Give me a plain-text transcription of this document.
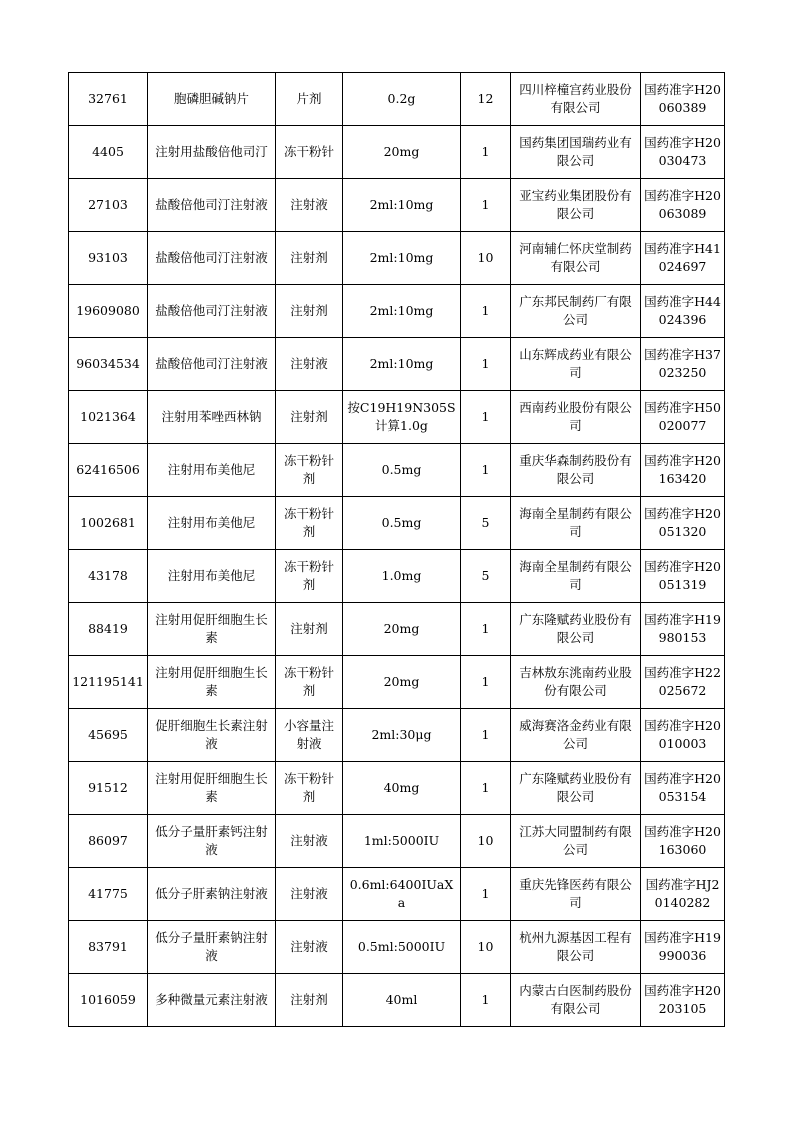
32761	胞磷胆碱钠片	片剂	0.2g	12	四川梓橦宫药业股份有限公司	国药准字H20060389
4405	注射用盐酸倍他司汀	冻干粉针	20mg	1	国药集团国瑞药业有限公司	国药准字H20030473
27103	盐酸倍他司汀注射液	注射液	2ml:10mg	1	亚宝药业集团股份有限公司	国药准字H20063089
93103	盐酸倍他司汀注射液	注射剂	2ml:10mg	10	河南辅仁怀庆堂制药有限公司	国药准字H41024697
19609080	盐酸倍他司汀注射液	注射剂	2ml:10mg	1	广东邦民制药厂有限公司	国药准字H44024396
96034534	盐酸倍他司汀注射液	注射液	2ml:10mg	1	山东辉成药业有限公司	国药准字H37023250
1021364	注射用苯唑西林钠	注射剂	按C19H19N305S计算1.0g	1	西南药业股份有限公司	国药准字H50020077
62416506	注射用布美他尼	冻干粉针剂	0.5mg	1	重庆华森制药股份有限公司	国药准字H20163420
1002681	注射用布美他尼	冻干粉针剂	0.5mg	5	海南全星制药有限公司	国药准字H20051320
43178	注射用布美他尼	冻干粉针剂	1.0mg	5	海南全星制药有限公司	国药准字H20051319
88419	注射用促肝细胞生长素	注射剂	20mg	1	广东隆赋药业股份有限公司	国药准字H19980153
121195141	注射用促肝细胞生长素	冻干粉针剂	20mg	1	吉林敖东洮南药业股份有限公司	国药准字H22025672
45695	促肝细胞生长素注射液	小容量注射液	2ml:30μg	1	威海赛洛金药业有限公司	国药准字H20010003
91512	注射用促肝细胞生长素	冻干粉针剂	40mg	1	广东隆赋药业股份有限公司	国药准字H20053154
86097	低分子量肝素钙注射液	注射液	1ml:5000IU	10	江苏大同盟制药有限公司	国药准字H20163060
41775	低分子肝素钠注射液	注射液	0.6ml:6400IUaXa	1	重庆先锋医药有限公司	国药准字HJ20140282
83791	低分子量肝素钠注射液	注射液	0.5ml:5000IU	10	杭州九源基因工程有限公司	国药准字H19990036
1016059	多种微量元素注射液	注射剂	40ml	1	内蒙古白医制药股份有限公司	国药准字H20203105
